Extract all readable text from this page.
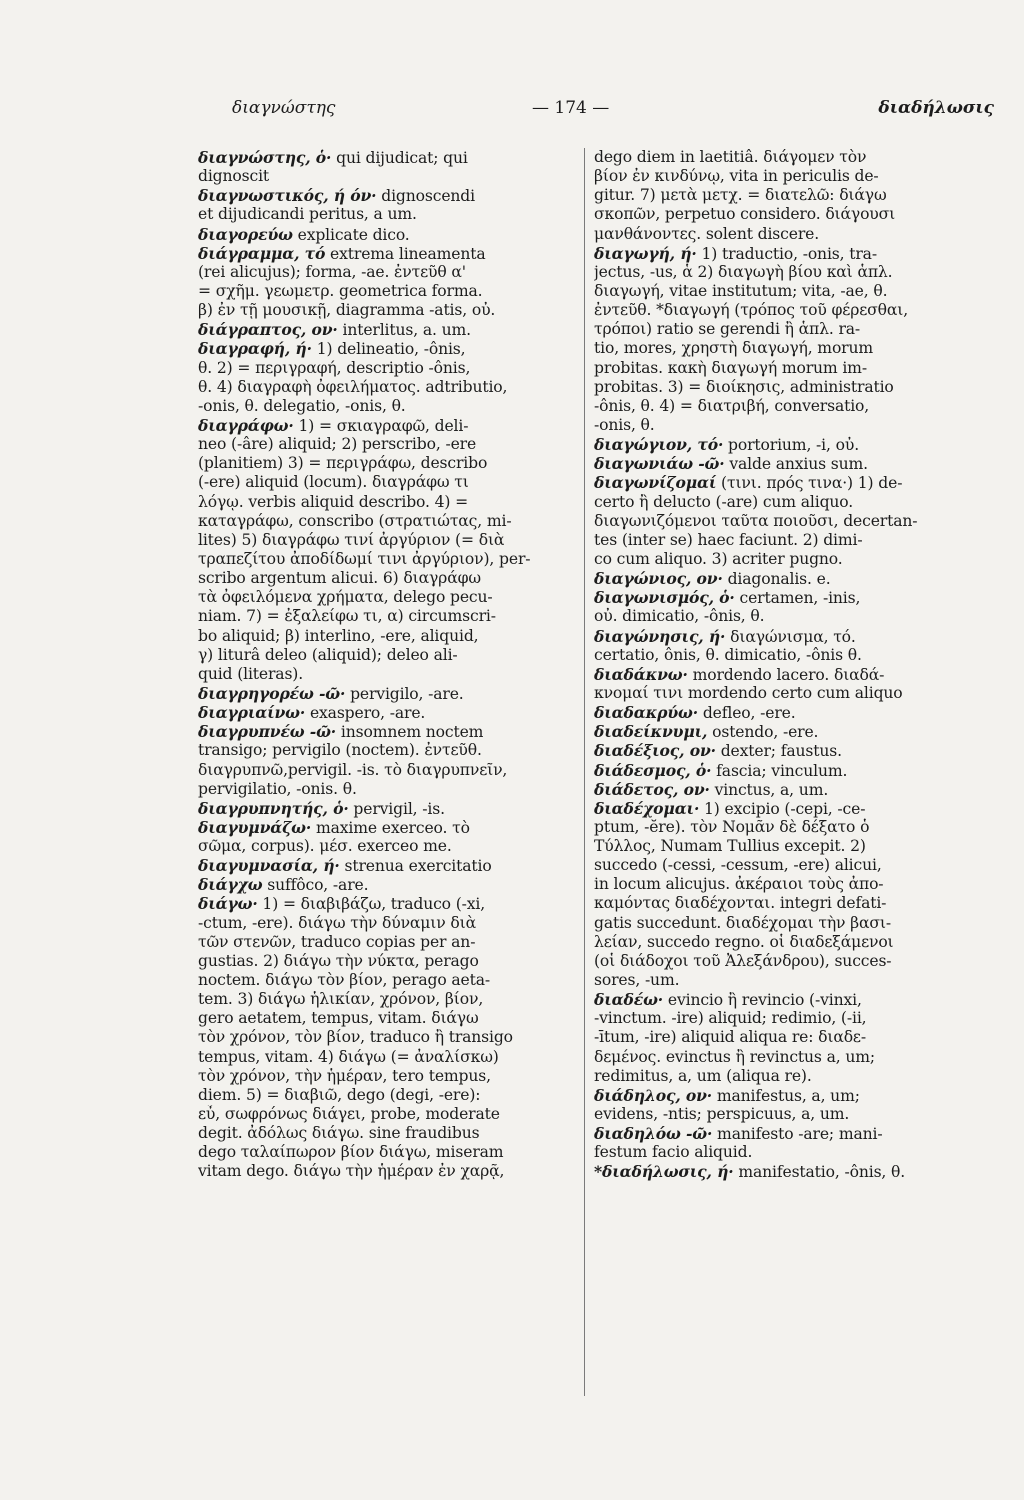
διαγνώστης	— 174 —	διαδήλωσις
διαγνώστης, ὁ· qui dijudicat; qui
dignoscit
διαγνωστικός, ή όν· dignoscendi
et dijudicandi peritus, a um.
διαγορεύω explicate dico.
διάγραμμα, τό extrema lineamenta
(rei alicujus); forma, -ae. ἐντεῦθ α'
= σχῆμ. γεωμετρ. geometrica forma.
β) ἐν τῇ μουσικῇ, diagramma -atis, οὐ.
διάγραπτος, ον· interlitus, a. um.
διαγραφή, ή· 1) delineatio, -ônis,
θ. 2) = περιγραφή, descriptio -ônis,
θ. 4) διαγραφὴ ὀφειλήματος. adtributio,
-onis, θ. delegatio, -onis, θ.
διαγράφω· 1) = σκιαγραφῶ, deli-
neo (-âre) aliquid; 2) perscribo, -ere
(planitiem) 3) = περιγράφω, describo
(-ere) aliquid (locum). διαγράφω τι
λόγῳ. verbis aliquid describo. 4) =
καταγράφω, conscribo (στρατιώτας, mi-
lites) 5) διαγράφω τινί ἀργύριον (= διὰ
τραπεζίτου ἀποδίδωμί τινι ἀργύριον), per-
scribo argentum alicui. 6) διαγράφω
τὰ ὀφειλόμενα χρήματα, delego pecu-
niam. 7) = ἐξαλείφω τι, α) circumscri-
bo aliquid; β) interlino, -ere, aliquid,
γ) liturâ deleo (aliquid); deleo ali-
quid (literas).
διαγρηγορέω -ῶ· pervigilo, -are.
διαγριαίνω· exaspero, -are.
διαγρυπνέω -ῶ· insomnem noctem
transigo; pervigilo (noctem). ἐντεῦθ.
διαγρυπνῶ,pervigil. -is. τὸ διαγρυπνεῖν,
pervigilatio, -onis. θ.
διαγρυπνητής, ὁ· pervigil, -is.
διαγυμνάζω· maxime exerceo. τὸ
σῶμα, corpus). μέσ. exerceo me.
διαγυμνασία, ή· strenua exercitatio
διάγχω suffôco, -are.
διάγω· 1) = διαβιβάζω, traduco (-xi,
-ctum, -ere). διάγω τὴν δύναμιν διὰ
τῶν στενῶν, traduco copias per an-
gustias. 2) διάγω τὴν νύκτα, perago
noctem. διάγω τὸν βίον, perago aeta-
tem. 3) διάγω ἡλικίαν, χρόνον, βίον,
gero aetatem, tempus, vitam. διάγω
τὸν χρόνον, τὸν βίον, traduco ἢ transigo
tempus, vitam. 4) διάγω (= ἀναλίσκω)
τὸν χρόνον, τὴν ἡμέραν, tero tempus,
diem. 5) = διαβιῶ, dego (degi, -ere):
εὖ, σωφρόνως διάγει, probe, moderate
degit. ἀδόλως διάγω. sine fraudibus
dego ταλαίπωρον βίον διάγω, miseram
vitam dego. διάγω τὴν ἡμέραν ἐν χαρᾷ,
dego diem in laetitiâ. διάγομεν τὸν
βίον ἐν κινδύνῳ, vita in periculis de-
gitur. 7) μετὰ μετχ. = διατελῶ: διάγω
σκοπῶν, perpetuo considero. διάγουσι
μανθάνοντες. solent discere.
διαγωγή, ή· 1) traductio, -onis, tra-
jectus, -us, ἁ 2) διαγωγὴ βίου καὶ ἁπλ.
διαγωγή, vitae institutum; vita, -ae, θ.
ἐντεῦθ. *διαγωγή (τρόπος τοῦ φέρεσθαι,
τρόποι) ratio se gerendi ἢ ἁπλ. ra-
tio, mores, χρηστὴ διαγωγή, morum
probitas. κακὴ διαγωγή morum im-
probitas. 3) = διοίκησις, administratio
-ônis, θ. 4) = διατριβή, conversatio,
-onis, θ.
διαγώγιον, τό· portorium, -i, οὐ.
διαγωνιάω -ῶ· valde anxius sum.
διαγωνίζομαί (τινι. πρός τινα·) 1) de-
certo ἢ delucto (-are) cum aliquo.
διαγωνιζόμενοι ταῦτα ποιοῦσι, decertan-
tes (inter se) haec faciunt. 2) dimi-
co cum aliquo. 3) acriter pugno.
διαγώνιος, ον· diagonalis. e.
διαγωνισμός, ὁ· certamen, -inis,
οὐ. dimicatio, -ônis, θ.
διαγώνησις, ή· διαγώνισμα, τό.
certatio, ônis, θ. dimicatio, -ônis θ.
διαδάκνω· mordendo lacero. διαδά-
κνομαί τινι mordendo certo cum aliquo
διαδακρύω· defleo, -ere.
διαδείκνυμι, ostendo, -ere.
διαδέξιος, ον· dexter; faustus.
διάδεσμος, ὁ· fascia; vinculum.
διάδετος, ον· vinctus, a, um.
διαδέχομαι· 1) excipio (-cepi, -ce-
ptum, -ĕre). τὸν Νομᾶν δὲ δέξατο ὁ
Τύλλος, Numam Tullius excepit. 2)
succedo (-cessi, -cessum, -ere) alicui,
in locum alicujus. ἀκέραιοι τοὺς ἀπο-
καμόντας διαδέχονται. integri defati-
gatis succedunt. διαδέχομαι τὴν βασι-
λείαν, succedo regno. οἱ διαδεξάμενοι
(οἱ διάδοχοι τοῦ Ἀλεξάνδρου), succes-
sores, -um.
διαδέω· evincio ἢ revincio (-vinxi,
-vinctum. -ire) aliquid; redimio, (-ii,
-ītum, -ire) aliquid aliqua re: διαδε-
δεμένος. evinctus ἢ revinctus a, um;
redimitus, a, um (aliqua re).
διάδηλος, ον· manifestus, a, um;
evidens, -ntis; perspicuus, a, um.
διαδηλόω -ῶ· manifesto -are; mani-
festum facio aliquid.
*διαδήλωσις, ή· manifestatio, -ônis, θ.
